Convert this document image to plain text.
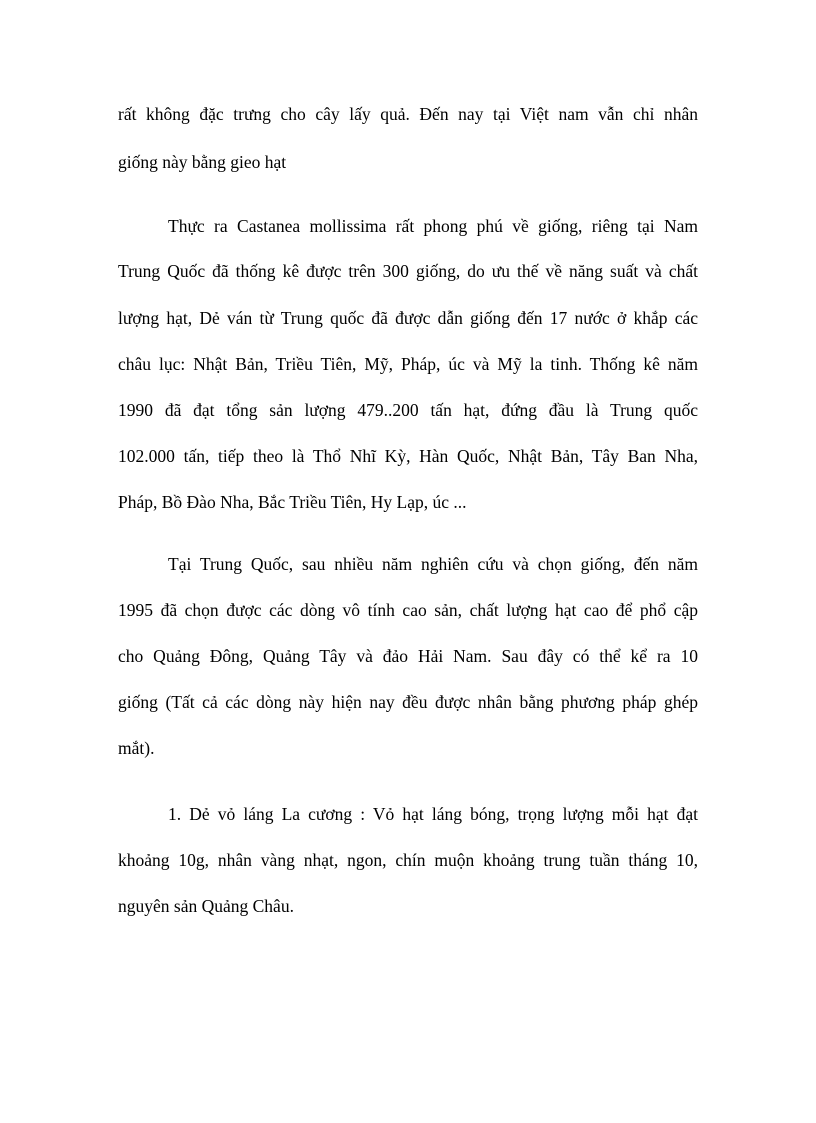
rất không đặc trưng cho cây lấy quả. Đến nay tại Việt nam vẫn chỉ nhân
giống này bằng gieo hạt
Thực ra Castanea mollissima rất phong phú về giống, riêng tại Nam
Trung Quốc đã thống kê được trên 300 giống, do ưu thế về năng suất và chất
lượng hạt, Dẻ ván từ Trung quốc đã được dẫn giống đến 17 nước ở khắp các
châu lục: Nhật Bản, Triều Tiên, Mỹ, Pháp, úc và Mỹ la tinh. Thống kê năm
1990 đã đạt tổng sản lượng 479..200 tấn hạt, đứng đầu là Trung quốc
102.000 tấn, tiếp theo là Thổ Nhĩ Kỳ, Hàn Quốc, Nhật Bản, Tây Ban Nha,
Pháp, Bồ Đào Nha, Bắc Triều Tiên, Hy Lạp, úc ...
Tại Trung Quốc, sau nhiều năm nghiên cứu và chọn giống, đến năm
1995 đã chọn được các dòng vô tính cao sản, chất lượng hạt cao để phổ cập
cho Quảng Đông, Quảng Tây và đảo Hải Nam. Sau đây có thể kể ra 10
giống (Tất cả các dòng này hiện nay đều được nhân bằng phương pháp ghép
mắt).
1. Dẻ vỏ láng La cương : Vỏ hạt láng bóng, trọng lượng mỗi hạt đạt
khoảng 10g, nhân vàng nhạt, ngon, chín muộn khoảng trung tuần tháng 10,
nguyên sản Quảng Châu.
